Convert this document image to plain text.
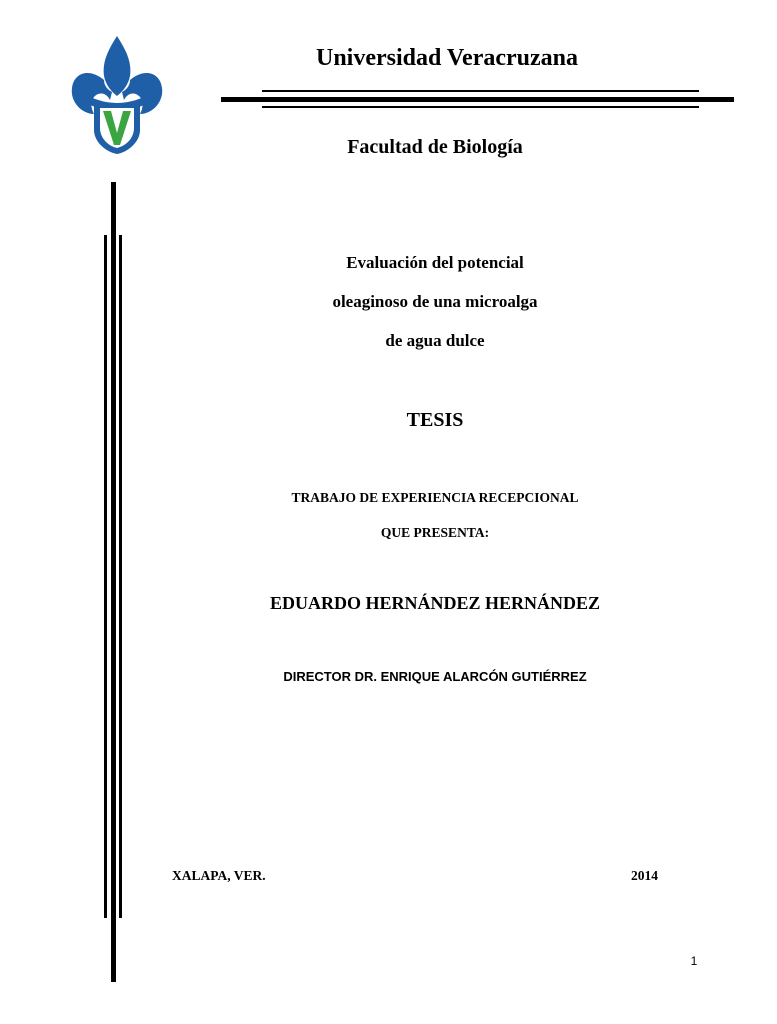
Universidad Veracruzana
Facultad de Biología
Evaluación del potencial
oleaginoso de una microalga
de agua dulce
TESIS
TRABAJO DE EXPERIENCIA RECEPCIONAL
QUE PRESENTA:
EDUARDO HERNÁNDEZ HERNÁNDEZ
DIRECTOR DR. ENRIQUE ALARCÓN GUTIÉRREZ
XALAPA, VER.	2014
1
